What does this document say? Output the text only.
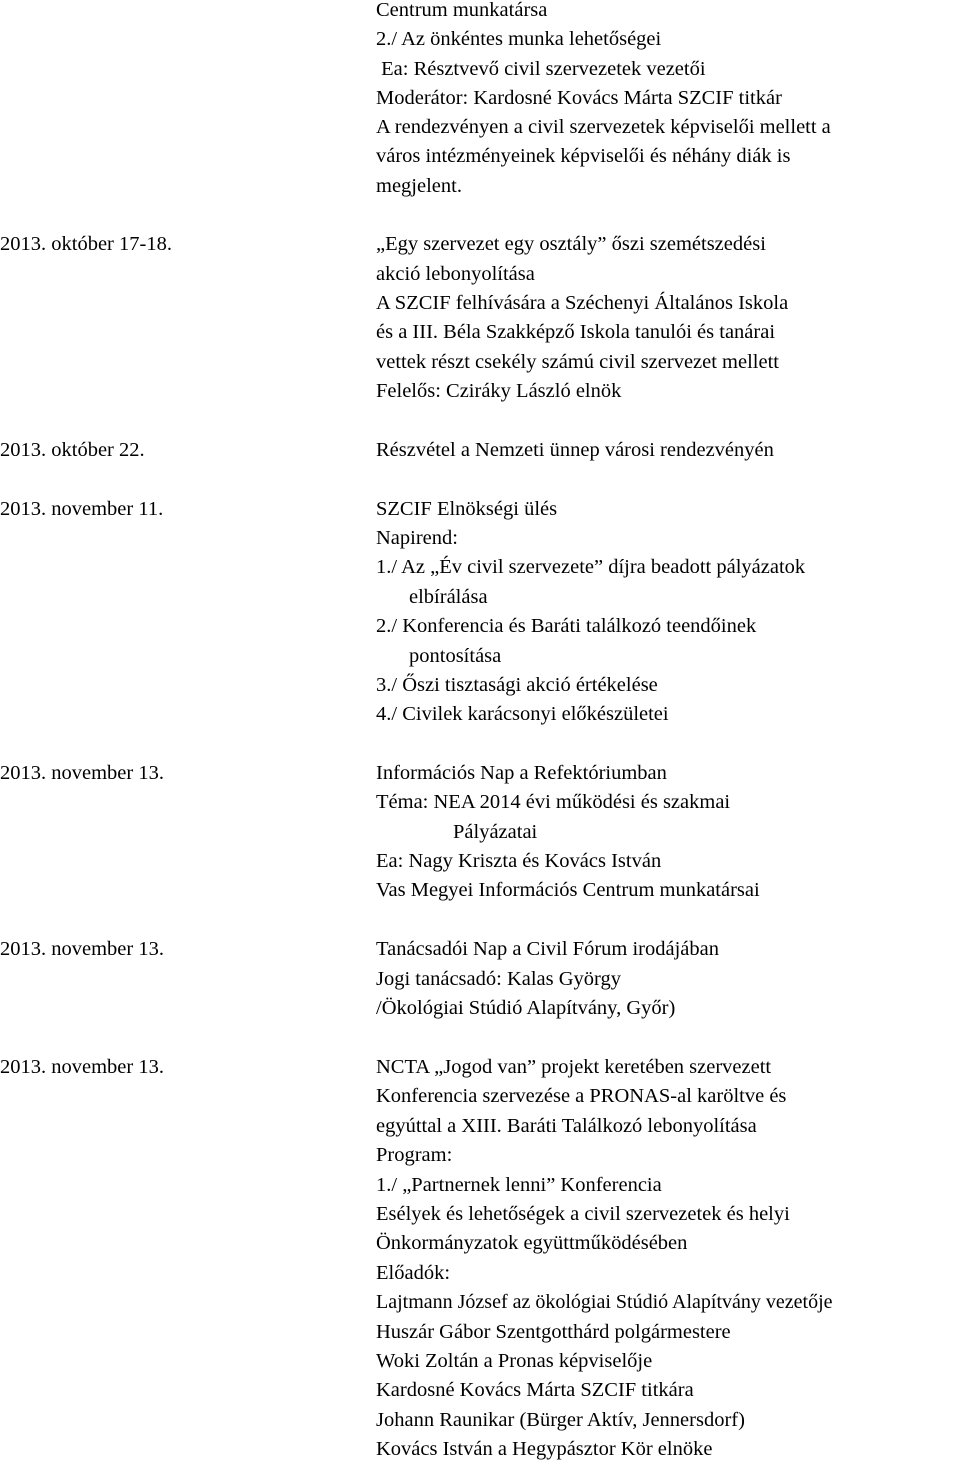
Centrum munkatársa
2./ Az önkéntes munka lehetőségei
Ea: Résztvevő civil szervezetek vezetői
Moderátor: Kardosné Kovács Márta SZCIF titkár
A rendezvényen a civil szervezetek képviselői mellett a
város intézményeinek képviselői és néhány diák is
megjelent.
2013. október 17-18.	„Egy szervezet egy osztály” őszi szemétszedési
akció lebonyolítása
A SZCIF felhívására a Széchenyi Általános Iskola
és a III. Béla Szakképző Iskola tanulói és tanárai
vettek részt csekély számú civil szervezet mellett
Felelős: Cziráky László elnök
2013. október 22.	Részvétel a Nemzeti ünnep városi rendezvényén
2013. november 11.	SZCIF Elnökségi ülés
Napirend:
1./ Az „Év civil szervezete” díjra beadott pályázatok
elbírálása
2./ Konferencia és Baráti találkozó teendőinek
pontosítása
3./ Őszi tisztasági akció értékelése
4./ Civilek karácsonyi előkészületei
2013. november 13.	Információs Nap a Refektóriumban
Téma: NEA 2014 évi működési és szakmai
Pályázatai
Ea: Nagy Kriszta és Kovács István
Vas Megyei Információs Centrum munkatársai
2013. november 13.	Tanácsadói Nap a Civil Fórum irodájában
Jogi tanácsadó: Kalas György
/Ökológiai Stúdió Alapítvány, Győr)
2013. november 13.	NCTA „Jogod van” projekt keretében szervezett
Konferencia szervezése a PRONAS-al karöltve és
egyúttal a XIII. Baráti Találkozó lebonyolítása
Program:
1./ „Partnernek lenni” Konferencia
Esélyek és lehetőségek a civil szervezetek és helyi
Önkormányzatok együttműködésében
Előadók:
Lajtmann József az ökológiai Stúdió Alapítvány vezetője
Huszár Gábor Szentgotthárd polgármestere
Woki Zoltán a Pronas képviselője
Kardosné Kovács Márta SZCIF titkára
Johann Raunikar (Bürger Aktív, Jennersdorf)
Kovács István a Hegypásztor Kör elnöke
